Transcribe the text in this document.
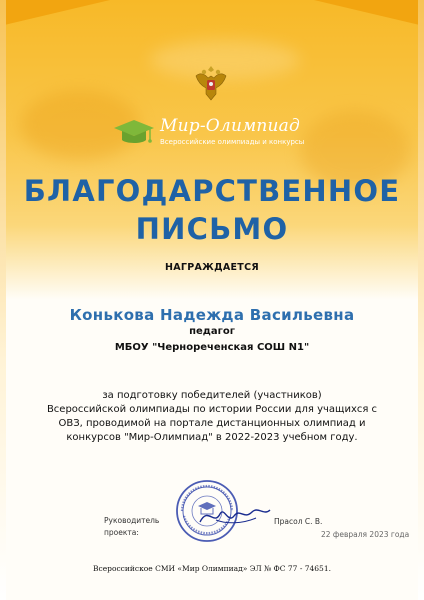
Мир-Олимпиад
Всероссийские олимпиады и конкурсы
БЛАГОДАРСТВЕННОЕ
ПИСЬМО
НАГРАЖДАЕТСЯ
Конькова Надежда Васильевна
педагог
МБОУ "Чернореченская СОШ N1"
за подготовку победителей (участников)
Всероссийской олимпиады по истории России для учащихся с
ОВЗ, проводимой на портале дистанционных олимпиад и
конкурсов "Мир-Олимпиад" в 2022-2023 учебном году.
Руководитель
проекта:
Прасол С. В.
22 февраля 2023 года
Всероссийское СМИ «Мир Олимпиад» ЭЛ № ФС 77 - 74651.
